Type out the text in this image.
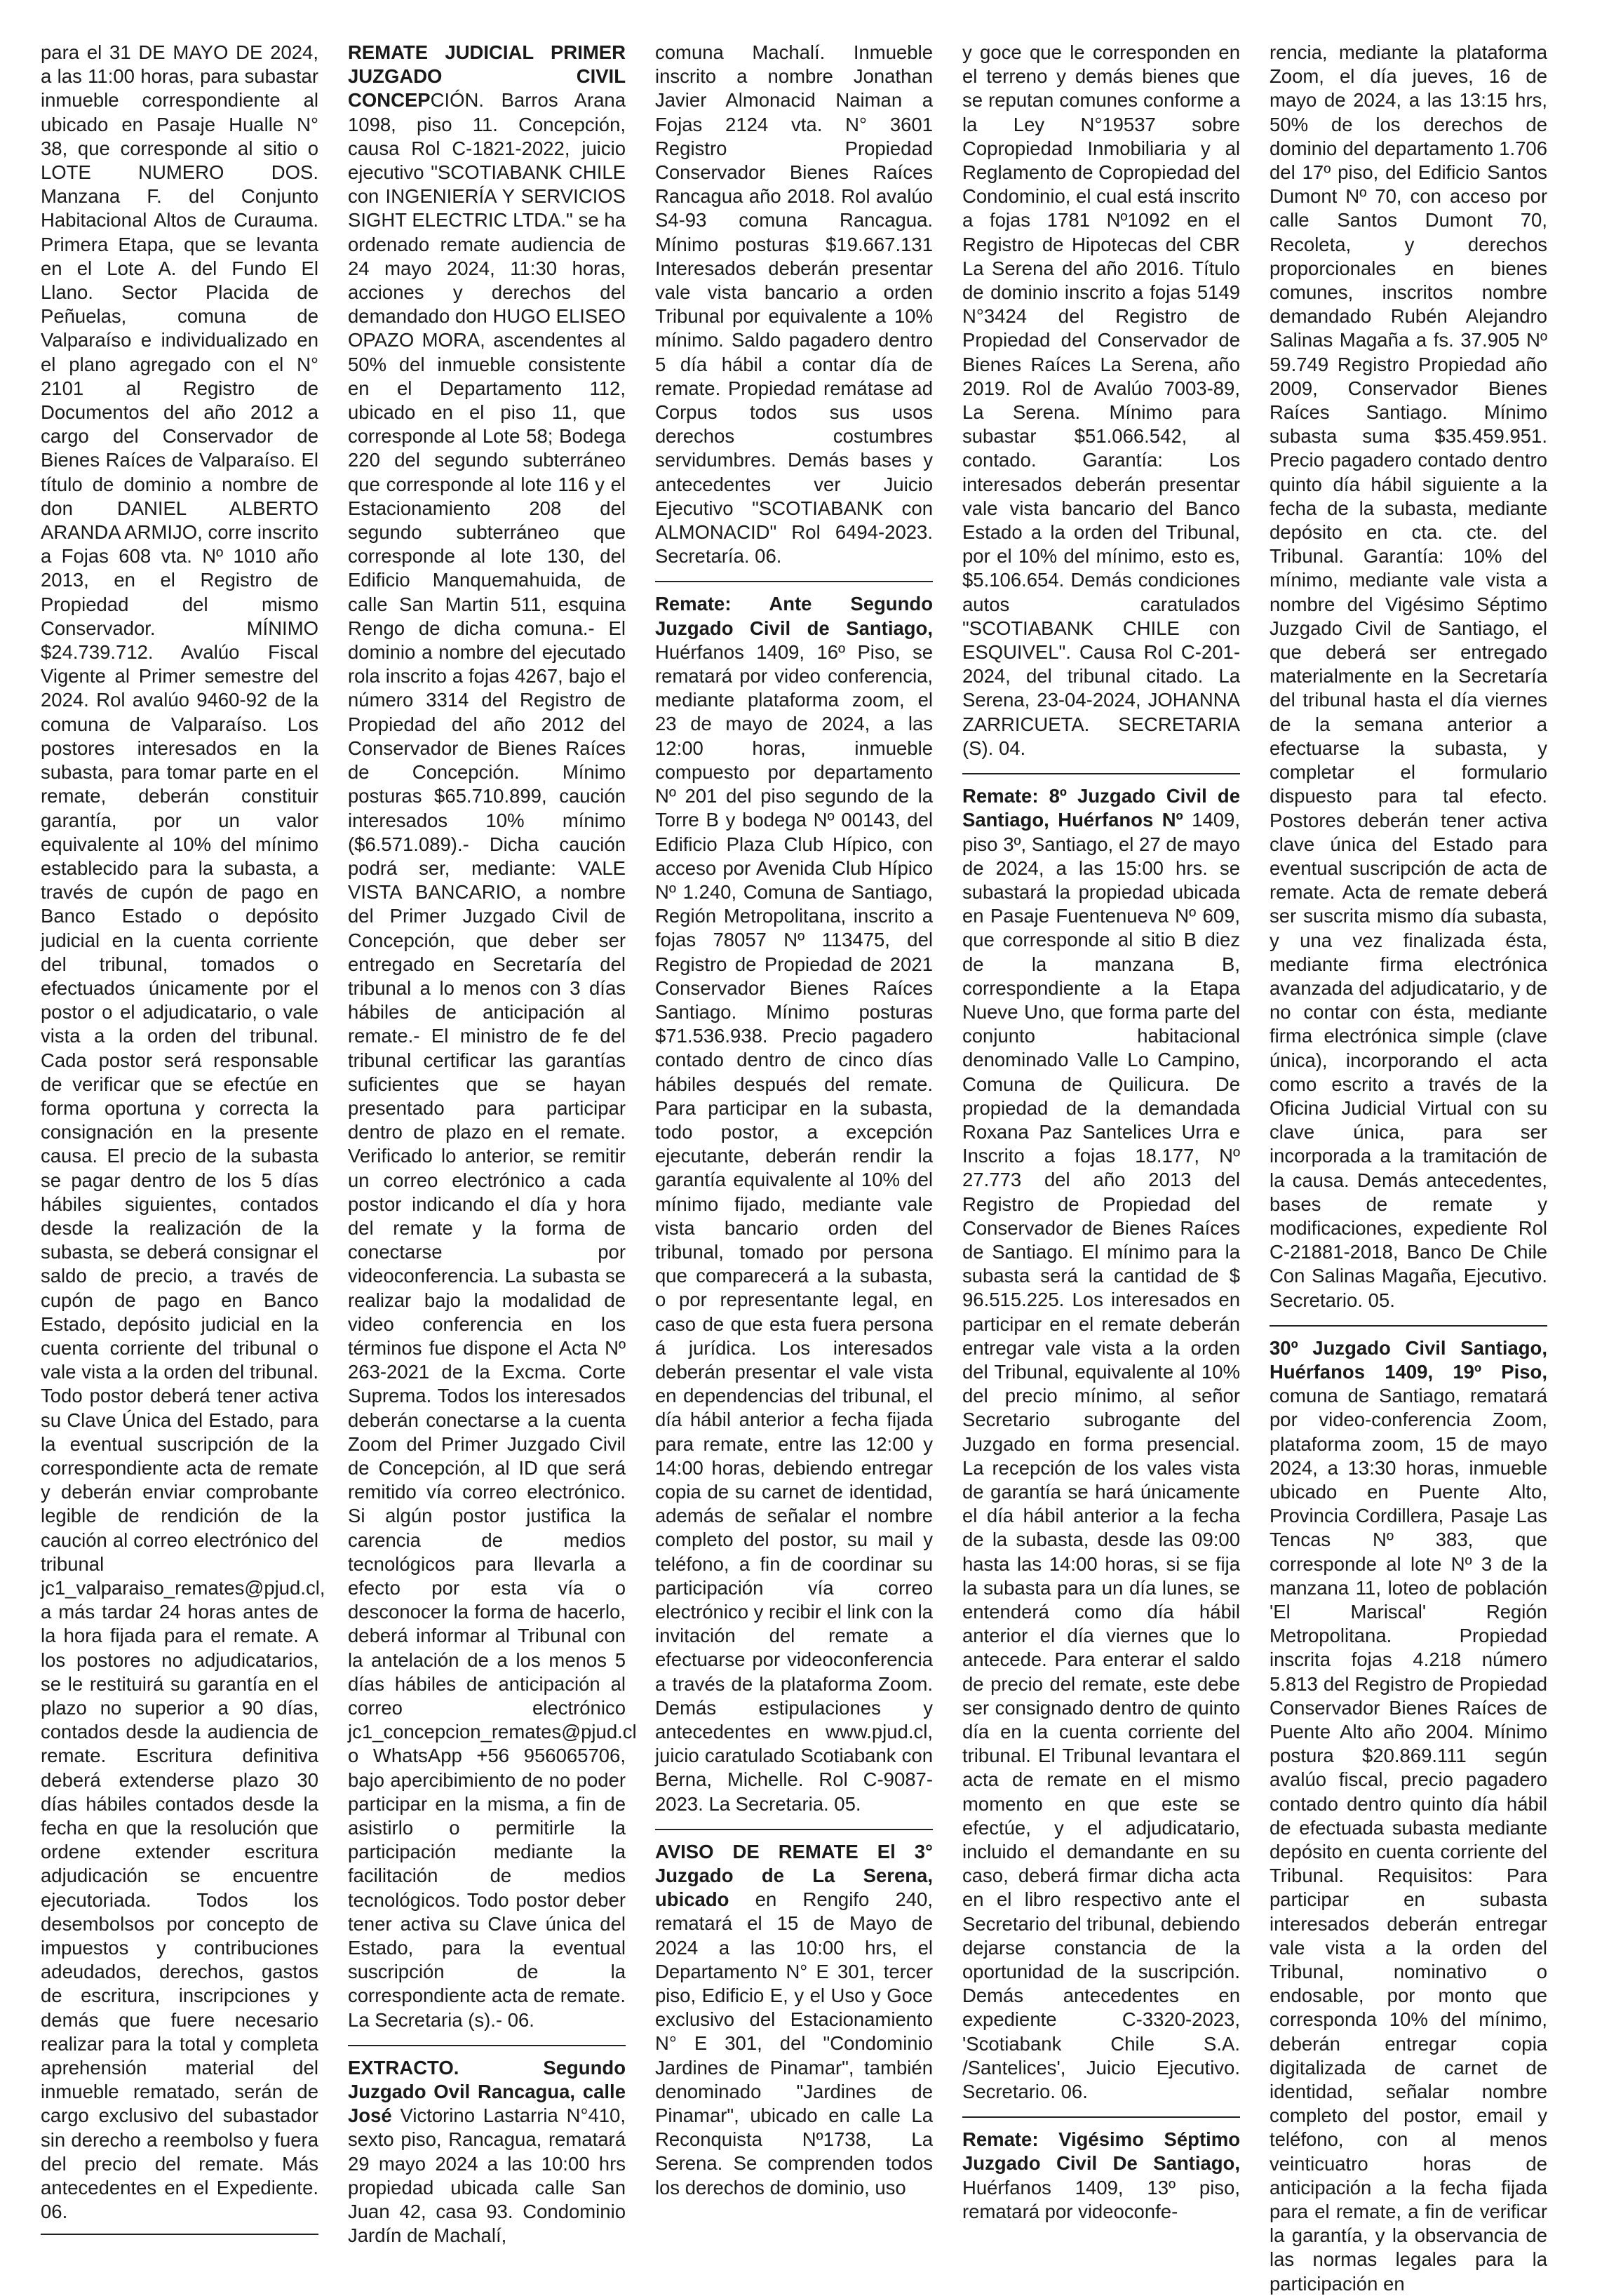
para el 31 DE MAYO DE 2024, a las 11:00 horas, para subastar inmueble correspondiente al ubicado en Pasaje Hualle N° 38, que corresponde al sitio o LOTE NUMERO DOS. Manzana F. del Conjunto Habitacional Altos de Curauma. Primera Etapa, que se levanta en el Lote A. del Fundo El Llano. Sector Placida de Peñuelas, comuna de Valparaíso e individualizado en el plano agregado con el N° 2101 al Registro de Documentos del año 2012 a cargo del Conservador de Bienes Raíces de Valparaíso. El título de dominio a nombre de don DANIEL ALBERTO ARANDA ARMIJO, corre inscrito a Fojas 608 vta. Nº 1010 año 2013, en el Registro de Propiedad del mismo Conservador. MÍNIMO $24.739.712. Avalúo Fiscal Vigente al Primer semestre del 2024. Rol avalúo 9460-92 de la comuna de Valparaíso. Los postores interesados en la subasta, para tomar parte en el remate, deberán constituir garantía, por un valor equivalente al 10% del mínimo establecido para la subasta, a través de cupón de pago en Banco Estado o depósito judicial en la cuenta corriente del tribunal, tomados o efectuados únicamente por el postor o el adjudicatario, o vale vista a la orden del tribunal. Cada postor será responsable de verificar que se efectúe en forma oportuna y correcta la consignación en la presente causa. El precio de la subasta se pagar dentro de los 5 días hábiles siguientes, contados desde la realización de la subasta, se deberá consignar el saldo de precio, a través de cupón de pago en Banco Estado, depósito judicial en la cuenta corriente del tribunal o vale vista a la orden del tribunal. Todo postor deberá tener activa su Clave Única del Estado, para la eventual suscripción de la correspondiente acta de remate y deberán enviar comprobante legible de rendición de la caución al correo electrónico del tribunal jc1_valparaiso_remates@pjud.cl, a más tardar 24 horas antes de la hora fijada para el remate. A los postores no adjudicatarios, se le restituirá su garantía en el plazo no superior a 90 días, contados desde la audiencia de remate. Escritura definitiva deberá extenderse plazo 30 días hábiles contados desde la fecha en que la resolución que ordene extender escritura adjudicación se encuentre ejecutoriada. Todos los desembolsos por concepto de impuestos y contribuciones adeudados, derechos, gastos de escritura, inscripciones y demás que fuere necesario realizar para la total y completa aprehensión material del inmueble rematado, serán de cargo exclusivo del subastador sin derecho a reembolso y fuera del precio del remate. Más antecedentes en el Expediente. 06.

REMATE JUDICIAL PRIMER JUZGADO CIVIL CONCEPCIÓN. Barros Arana 1098, piso 11. Concepción, causa Rol C-1821-2022, juicio ejecutivo "SCOTIABANK CHILE con INGENIERÍA Y SERVICIOS SIGHT ELECTRIC LTDA." se ha ordenado remate audiencia de 24 mayo 2024, 11:30 horas, acciones y derechos del demandado don HUGO ELISEO OPAZO MORA, ascendentes al 50% del inmueble consistente en el Departamento 112, ubicado en el piso 11, que corresponde al Lote 58; Bodega 220 del segundo subterráneo que corresponde al lote 116 y el Estacionamiento 208 del segundo subterráneo que corresponde al lote 130, del Edificio Manquemahuida, de calle San Martin 511, esquina Rengo de dicha comuna.- El dominio a nombre del ejecutado rola inscrito a fojas 4267, bajo el número 3314 del Registro de Propiedad del año 2012 del Conservador de Bienes Raíces de Concepción. Mínimo posturas $65.710.899, caución interesados 10% mínimo ($6.571.089).- Dicha caución podrá ser, mediante: VALE VISTA BANCARIO, a nombre del Primer Juzgado Civil de Concepción, que deber ser entregado en Secretaría del tribunal a lo menos con 3 días hábiles de anticipación al remate.- El ministro de fe del tribunal certificar las garantías suficientes que se hayan presentado para participar dentro de plazo en el remate. Verificado lo anterior, se remitir un correo electrónico a cada postor indicando el día y hora del remate y la forma de conectarse por videoconferencia. La subasta se realizar bajo la modalidad de video conferencia en los términos fue dispone el Acta Nº 263-2021 de la Excma. Corte Suprema. Todos los interesados deberán conectarse a la cuenta Zoom del Primer Juzgado Civil de Concepción, al ID que será remitido vía correo electrónico. Si algún postor justifica la carencia de medios tecnológicos para llevarla a efecto por esta vía o desconocer la forma de hacerlo, deberá informar al Tribunal con la antelación de a los menos 5 días hábiles de anticipación al correo electrónico jc1_concepcion_remates@pjud.cl o WhatsApp +56 956065706, bajo apercibimiento de no poder participar en la misma, a fin de asistirlo o permitirle la participación mediante la facilitación de medios tecnológicos. Todo postor deber tener activa su Clave única del Estado, para la eventual suscripción de la correspondiente acta de remate. La Secretaria (s).- 06.

EXTRACTO. Segundo Juzgado Ovil Rancagua, calle José Victorino Lastarria N°410, sexto piso, Rancagua, rematará 29 mayo 2024 a las 10:00 hrs propiedad ubicada calle San Juan 42, casa 93. Condominio Jardín de Machalí,

comuna Machalí. Inmueble inscrito a nombre Jonathan Javier Almonacid Naiman a Fojas 2124 vta. N° 3601 Registro Propiedad Conservador Bienes Raíces Rancagua año 2018. Rol avalúo S4-93 comuna Rancagua. Mínimo posturas $19.667.131 Interesados deberán presentar vale vista bancario a orden Tribunal por equivalente a 10% mínimo. Saldo pagadero dentro 5 día hábil a contar día de remate. Propiedad remátase ad Corpus todos sus usos derechos costumbres servidumbres. Demás bases y antecedentes ver Juicio Ejecutivo "SCOTIABANK con ALMONACID" Rol 6494-2023. Secretaría. 06.

Remate: Ante Segundo Juzgado Civil de Santiago, Huérfanos 1409, 16º Piso, se rematará por video conferencia, mediante plataforma zoom, el 23 de mayo de 2024, a las 12:00 horas, inmueble compuesto por departamento Nº 201 del piso segundo de la Torre B y bodega Nº 00143, del Edificio Plaza Club Hípico, con acceso por Avenida Club Hípico Nº 1.240, Comuna de Santiago, Región Metropolitana, inscrito a fojas 78057 Nº 113475, del Registro de Propiedad de 2021 Conservador Bienes Raíces Santiago. Mínimo posturas $71.536.938. Precio pagadero contado dentro de cinco días hábiles después del remate. Para participar en la subasta, todo postor, a excepción ejecutante, deberán rendir la garantía equivalente al 10% del mínimo fijado, mediante vale vista bancario orden del tribunal, tomado por persona que comparecerá a la subasta, o por representante legal, en caso de que esta fuera persona á jurídica. Los interesados deberán presentar el vale vista en dependencias del tribunal, el día hábil anterior a fecha fijada para remate, entre las 12:00 y 14:00 horas, debiendo entregar copia de su carnet de identidad, además de señalar el nombre completo del postor, su mail y teléfono, a fin de coordinar su participación vía correo electrónico y recibir el link con la invitación del remate a efectuarse por videoconferencia a través de la plataforma Zoom. Demás estipulaciones y antecedentes en www.pjud.cl, juicio caratulado Scotiabank con Berna, Michelle. Rol C-9087-2023. La Secretaria. 05.

AVISO DE REMATE El 3° Juzgado de La Serena, ubicado en Rengifo 240, rematará el 15 de Mayo de 2024 a las 10:00 hrs, el Departamento N° E 301, tercer piso, Edificio E, y el Uso y Goce exclusivo del Estacionamiento N° E 301, del "Condominio Jardines de Pinamar", también denominado "Jardines de Pinamar", ubicado en calle La Reconquista Nº1738, La Serena. Se comprenden todos los derechos de dominio, uso

y goce que le corresponden en el terreno y demás bienes que se reputan comunes conforme a la Ley N°19537 sobre Copropiedad Inmobiliaria y al Reglamento de Copropiedad del Condominio, el cual está inscrito a fojas 1781 Nº1092 en el Registro de Hipotecas del CBR La Serena del año 2016. Título de dominio inscrito a fojas 5149 N°3424 del Registro de Propiedad del Conservador de Bienes Raíces La Serena, año 2019. Rol de Avalúo 7003-89, La Serena. Mínimo para subastar $51.066.542, al contado. Garantía: Los interesados deberán presentar vale vista bancario del Banco Estado a la orden del Tribunal, por el 10% del mínimo, esto es, $5.106.654. Demás condiciones autos caratulados "SCOTIABANK CHILE con ESQUIVEL". Causa Rol C-201-2024, del tribunal citado. La Serena, 23-04-2024, JOHANNA ZARRICUETA. SECRETARIA (S). 04.

Remate: 8º Juzgado Civil de Santiago, Huérfanos Nº 1409, piso 3º, Santiago, el 27 de mayo de 2024, a las 15:00 hrs. se subastará la propiedad ubicada en Pasaje Fuentenueva Nº 609, que corresponde al sitio B diez de la manzana B, correspondiente a la Etapa Nueve Uno, que forma parte del conjunto habitacional denominado Valle Lo Campino, Comuna de Quilicura. De propiedad de la demandada Roxana Paz Santelices Urra e Inscrito a fojas 18.177, Nº 27.773 del año 2013 del Registro de Propiedad del Conservador de Bienes Raíces de Santiago. El mínimo para la subasta será la cantidad de $ 96.515.225. Los interesados en participar en el remate deberán entregar vale vista a la orden del Tribunal, equivalente al 10% del precio mínimo, al señor Secretario subrogante del Juzgado en forma presencial. La recepción de los vales vista de garantía se hará únicamente el día hábil anterior a la fecha de la subasta, desde las 09:00 hasta las 14:00 horas, si se fija la subasta para un día lunes, se entenderá como día hábil anterior el día viernes que lo antecede. Para enterar el saldo de precio del remate, este debe ser consignado dentro de quinto día en la cuenta corriente del tribunal. El Tribunal levantara el acta de remate en el mismo momento en que este se efectúe, y el adjudicatario, incluido el demandante en su caso, deberá firmar dicha acta en el libro respectivo ante el Secretario del tribunal, debiendo dejarse constancia de la oportunidad de la suscripción. Demás antecedentes en expediente C-3320-2023, 'Scotiabank Chile S.A. /Santelices', Juicio Ejecutivo. Secretario. 06.

Remate: Vigésimo Séptimo Juzgado Civil De Santiago, Huérfanos 1409, 13º piso, rematará por videoconfe-

rencia, mediante la plataforma Zoom, el día jueves, 16 de mayo de 2024, a las 13:15 hrs, 50% de los derechos de dominio del departamento 1.706 del 17º piso, del Edificio Santos Dumont Nº 70, con acceso por calle Santos Dumont 70, Recoleta, y derechos proporcionales en bienes comunes, inscritos nombre demandado Rubén Alejandro Salinas Magaña a fs. 37.905 Nº 59.749 Registro Propiedad año 2009, Conservador Bienes Raíces Santiago. Mínimo subasta suma $35.459.951. Precio pagadero contado dentro quinto día hábil siguiente a la fecha de la subasta, mediante depósito en cta. cte. del Tribunal. Garantía: 10% del mínimo, mediante vale vista a nombre del Vigésimo Séptimo Juzgado Civil de Santiago, el que deberá ser entregado materialmente en la Secretaría del tribunal hasta el día viernes de la semana anterior a efectuarse la subasta, y completar el formulario dispuesto para tal efecto. Postores deberán tener activa clave única del Estado para eventual suscripción de acta de remate. Acta de remate deberá ser suscrita mismo día subasta, y una vez finalizada ésta, mediante firma electrónica avanzada del adjudicatario, y de no contar con ésta, mediante firma electrónica simple (clave única), incorporando el acta como escrito a través de la Oficina Judicial Virtual con su clave única, para ser incorporada a la tramitación de la causa. Demás antecedentes, bases de remate y modificaciones, expediente Rol C-21881-2018, Banco De Chile Con Salinas Magaña, Ejecutivo. Secretario. 05.

30º Juzgado Civil Santiago, Huérfanos 1409, 19º Piso, comuna de Santiago, rematará por video-conferencia Zoom, plataforma zoom, 15 de mayo 2024, a 13:30 horas, inmueble ubicado en Puente Alto, Provincia Cordillera, Pasaje Las Tencas Nº 383, que corresponde al lote Nº 3 de la manzana 11, loteo de población 'El Mariscal' Región Metropolitana. Propiedad inscrita fojas 4.218 número 5.813 del Registro de Propiedad Conservador Bienes Raíces de Puente Alto año 2004. Mínimo postura $20.869.111 según avalúo fiscal, precio pagadero contado dentro quinto día hábil de efectuada subasta mediante depósito en cuenta corriente del Tribunal. Requisitos: Para participar en subasta interesados deberán entregar vale vista a la orden del Tribunal, nominativo o endosable, por monto que corresponda 10% del mínimo, deberán entregar copia digitalizada de carnet de identidad, señalar nombre completo del postor, email y teléfono, con al menos veinticuatro horas de anticipación a la fecha fijada para el remate, a fin de verificar la garantía, y la observancia de las normas legales para la participación en
